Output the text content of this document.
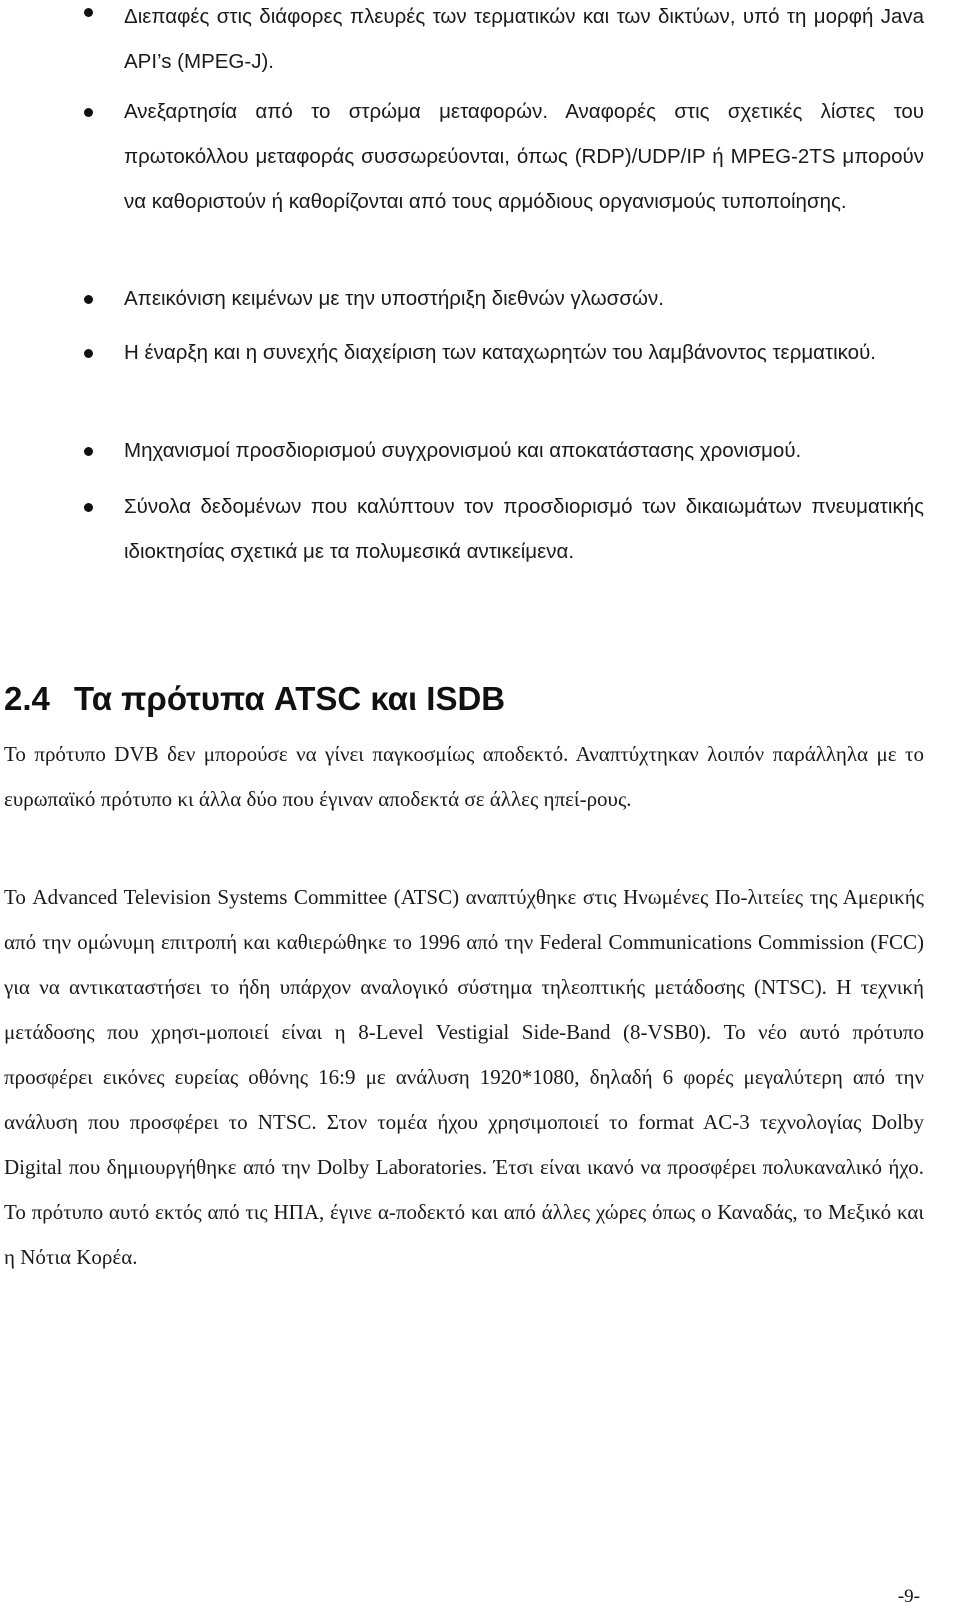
Διεπαφές στις διάφορες πλευρές των τερματικών και των δικτύων, υπό τη μορφή Java API’s (MPEG-J).
Ανεξαρτησία από το στρώμα μεταφορών. Αναφορές στις σχετικές λίστες του πρωτοκόλλου μεταφοράς συσσωρεύονται, όπως (RDP)/UDP/IP ή MPEG-2TS μπορούν να καθοριστούν ή καθορίζονται από τους αρμόδιους οργανισμούς τυποποίησης.
Απεικόνιση κειμένων με την υποστήριξη διεθνών γλωσσών.
Η έναρξη και η συνεχής διαχείριση των καταχωρητών του λαμβάνοντος τερματικού.
Μηχανισμοί προσδιορισμού συγχρονισμού και αποκατάστασης χρονισμού.
Σύνολα δεδομένων που καλύπτουν τον προσδιορισμό των δικαιωμάτων πνευματικής ιδιοκτησίας σχετικά με τα πολυμεσικά αντικείμενα.
2.4 Τα πρότυπα ATSC και ISDB

Το πρότυπο DVB δεν μπορούσε να γίνει παγκοσμίως αποδεκτό. Αναπτύχτηκαν λοιπόν παράλληλα με το ευρωπαϊκό πρότυπο κι άλλα δύο που έγιναν αποδεκτά σε άλλες ηπεί-ρους.

Το Advanced Television Systems Committee (ATSC) αναπτύχθηκε στις Ηνωμένες Πο-λιτείες της Αμερικής από την ομώνυμη επιτροπή και καθιερώθηκε το 1996 από την Federal Communications Commission (FCC) για να αντικαταστήσει το ήδη υπάρχον αναλογικό σύστημα τηλεοπτικής μετάδοσης (NTSC). Η τεχνική μετάδοσης που χρησι-μοποιεί είναι η 8-Level Vestigial Side-Band (8-VSB0). Το νέο αυτό πρότυπο προσφέρει εικόνες ευρείας οθόνης 16:9 με ανάλυση 1920*1080, δηλαδή 6 φορές μεγαλύτερη από την ανάλυση που προσφέρει το NTSC. Στον τομέα ήχου χρησιμοποιεί το format AC-3 τεχνολογίας Dolby Digital που δημιουργήθηκε από την Dolby Laboratories. Έτσι είναι ικανό να προσφέρει πολυκαναλικό ήχο. Το πρότυπο αυτό εκτός από τις ΗΠΑ, έγινε α-ποδεκτό και από άλλες χώρες όπως ο Καναδάς, το Μεξικό και η Νότια Κορέα.

-9-
